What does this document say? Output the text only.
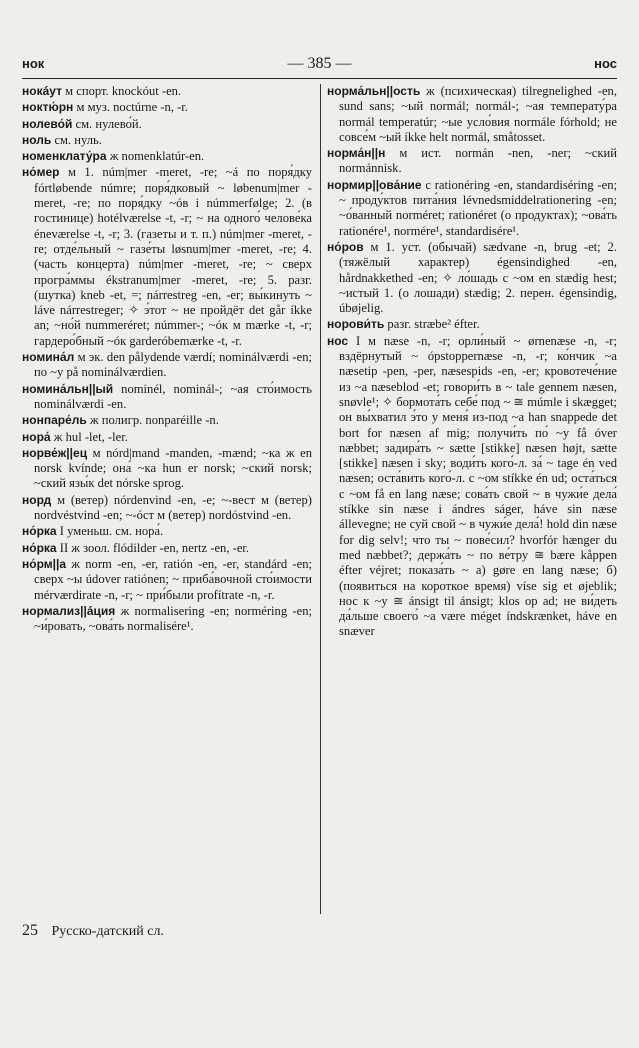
нок	— 385 —	нос
нокáут м спорт. knockóut -en.
ноктю́рн м муз. noctúrne -n, -r.
нолево́й см. нулево́й.
ноль см. нуль.
номенклату́ра ж nomenklatúr-en.
но́мер м 1. núm|mer -meret, -re; ~á по поря́дку fórtløbende númre; поря́дковый ~ løbenum|mer -meret, -re; по поря́дку ~óв i númmerfølge; 2. (в гостинице) hotélværelse -t, -r; ~ на одного́ челове́ка éneværelse -t, -r; 3. (газеты и т. п.) núm|mer -meret, -re; отде́льный ~ газе́ты løsnum|mer -meret, -re; 4. (часть концерта) núm|mer -meret, -re; ~ сверх програ́ммы ékstranum|mer -meret, -re; 5. разг. (шутка) kneb -et, =; nárrestreg -en, -er; вы́кинуть ~ láve nárrestreger; ✧ э́тот ~ не пройдёт det går íkke an; ~но́й nummeréret; númmer-; ~óк м mærke -t, -r; гардеро́бный ~óк garderóbemærke -t, -r.
номина́л м эк. den pålydende værdí; nominálværdi -en; по ~у på nominálværdien.
номина́льн||ый nominél, nominál-; ~ая сто́имость nominálværdi -en.
нонпаре́ль ж полигр. nonparéille -n.
нора́ ж hul -let, -ler.
норве́ж||ец м nórd|mand -manden, -mænd; ~ка ж en norsk kvínde; она́ ~ка hun er norsk; ~ский norsk; ~ский язы́к det nórske sprog.
норд м (ветер) nórdenvind -en, -e; ~-вест м (ветер) nordvéstvind -en; ~-óст м (ветер) nordóstvind -en.
но́рка I уменьш. см. нора́.
но́рка II ж зоол. flódilder -en, nertz -en, -er.
но́рм||а ж norm -en, -er, ratión -en, -er, standárd -en; сверх ~ы údover ratiónen; ~ приба́вочной сто́имости mérværdirate -n, -r; ~ при́были profítrate -n, -r.
нормализ||áция ж normalisering -en; norméring -en; ~и́ровать, ~ова́ть normalisére¹.
норма́льн||ость ж (психическая) tilregnelighed -en, sund sans; ~ый normál; normál-; ~ая температу́ра normál temperatúr; ~ые усло́вия normále fórhold; не совсе́м ~ый íkke helt normál, småtosset.
норма́н||н м ист. normán -nen, -ner; ~ский normánnisk.
нормир||ова́ние с rationéring -en, standardiséring -en; ~ проду́ктов пита́ния lévnedsmiddelrationering -en; ~о́ванный norméret; rationéret (о продуктах); ~ова́ть rationére¹, normére¹, standardisére¹.
но́ров м 1. уст. (обычай) sædvane -n, brug -et; 2. (тяжёлый характер) égensindighed -en, hårdnakkethed -en; ✧ ло́шадь с ~ом en stædig hest; ~истый 1. (о лошади) stædig; 2. перен. égensindig, úbøjelig.
норови́ть разг. stræbe² éfter.
нос I м næse -n, -r; орли́ный ~ ørnenæse -n, -r; вздёрнутый ~ ópstoppernæse -n, -r; ко́нчик ~а næsetip -pen, -per, næsespids -en, -er; кровотече́ние из ~а næseblod -et; говори́ть в ~ tale gennem næsen, snøvle¹; ✧ бормота́ть себе́ под ~ ≅ múmle i skægget; он вы́хватил э́то у меня́ из-под ~а han snappede det bort for næsen af mig; получи́ть по́ ~у få óver næbbet; задира́ть ~ sætte [stikke] næsen højt, sætte [stikke] næsen i sky; води́ть кого́-л. за́ ~ tage én ved næsen; оста́вить кого́-л. с ~ом stíkke én ud; оста́ться с ~ом få en lang næse; сова́ть свой ~ в чужи́е дела́ stíkke sin næse i ándres ságer, háve sin næse állevegne; не суй свой ~ в чужи́е дела́! hold din næse for dig selv!; что ты ~ пове́сил? hvorfór hænger du med næbbet?; держа́ть ~ по ве́тру ≅ bære kåppen éfter véjret; показа́ть ~ а) gøre en lang næse; б) (появиться на короткое время) víse sig et øjeblik; нос к ~у ≅ ánsigt til ánsigt; klos op ad; не ви́деть да́льше своего́ ~а være méget índskrænket, háve en snæver
25 Русско-датский сл.
